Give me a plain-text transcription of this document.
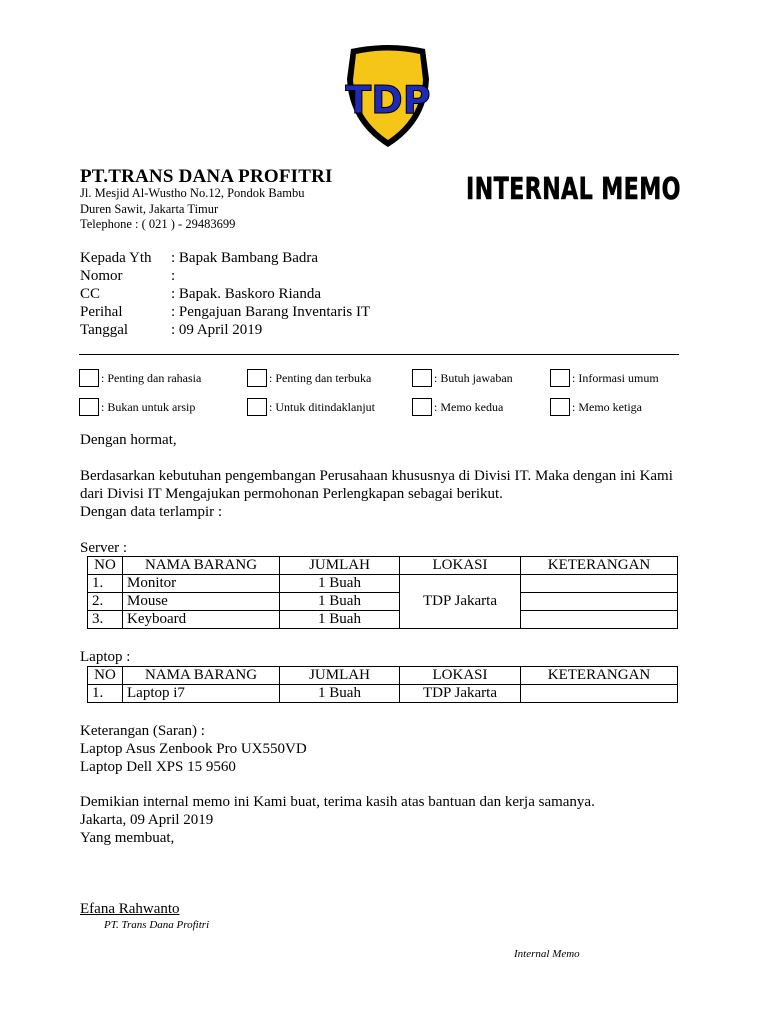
TDP
PT.TRANS DANA PROFITRI
Jl. Mesjid Al-Wustho No.12, Pondok Bambu
Duren Sawit, Jakarta Timur
Telephone : ( 021 ) - 29483699
INTERNAL MEMO
Kepada Yth : Bapak Bambang Badra
Nomor	:
CC	: Bapak. Baskoro Rianda
Perihal	: Pengajuan Barang Inventaris IT
Tanggal	: 09 April 2019
: Penting dan rahasia	: Penting dan terbuka	: Butuh jawaban	: Informasi umum
: Bukan untuk arsip	: Untuk ditindaklanjut	: Memo kedua	: Memo ketiga
Dengan hormat,
Berdasarkan kebutuhan pengembangan Perusahaan khususnya di Divisi IT. Maka dengan ini Kami
dari Divisi IT Mengajukan permohonan Perlengkapan sebagai berikut.
Dengan data terlampir :
Server :
NO	NAMA BARANG	JUMLAH	LOKASI	KETERANGAN
1.	Monitor	1 Buah	TDP Jakarta	
2.	Mouse	1 Buah		
3.	Keyboard	1 Buah		
Laptop :
NO	NAMA BARANG	JUMLAH	LOKASI	KETERANGAN
1.	Laptop i7	1 Buah	TDP Jakarta	
Keterangan (Saran) :
Laptop Asus Zenbook Pro UX550VD
Laptop Dell XPS 15 9560
Demikian internal memo ini Kami buat, terima kasih atas bantuan dan kerja samanya.
Jakarta, 09 April 2019
Yang membuat,
Efana Rahwanto
PT. Trans Dana Profitri
Internal Memo
